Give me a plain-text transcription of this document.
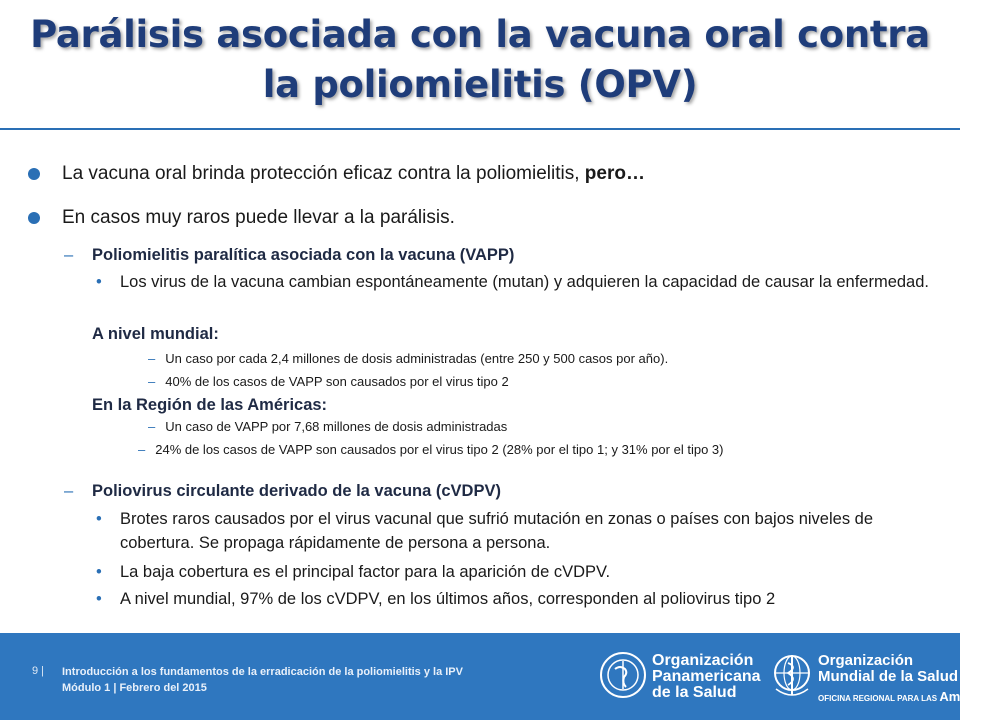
Parálisis asociada con la vacuna oral contra
la poliomielitis (OPV)
La vacuna oral brinda protección eficaz contra la poliomielitis, pero…
En casos muy raros puede llevar a la parálisis.
– Poliomielitis paralítica asociada con la vacuna (VAPP)
• Los virus de la vacuna cambian espontáneamente (mutan) y adquieren la capacidad de causar la enfermedad.
A nivel mundial:
– Un caso por cada 2,4 millones de dosis administradas (entre 250 y 500 casos por año).
– 40% de los casos de VAPP son causados por el virus tipo 2
En la Región de las Américas:
– Un caso de VAPP por 7,68 millones de dosis administradas
– 24% de los casos de VAPP son causados por el virus tipo 2 (28% por el tipo 1; y 31% por el tipo 3)
– Poliovirus circulante derivado de la vacuna (cVDPV)
• Brotes raros causados por el virus vacunal que sufrió mutación en zonas o países con bajos niveles de cobertura. Se propaga rápidamente de persona a persona.
• La baja cobertura es el principal factor para la aparición de cVDPV.
• A nivel mundial, 97% de los cVDPV, en los últimos años, corresponden al poliovirus tipo 2
9 | Introducción a los fundamentos de la erradicación de la poliomielitis y la IPV
Módulo 1 | Febrero del 2015
Organización
Panamericana
de la Salud
Organización
Mundial de la Salud
OFICINA REGIONAL PARA LAS Américas
